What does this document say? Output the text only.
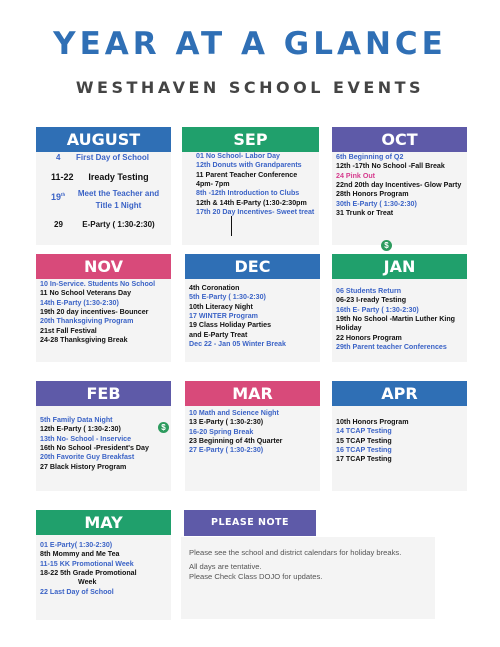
YEAR AT A GLANCE
WESTHAVEN SCHOOL EVENTS
AUGUST
4	First Day of School
11-22	Iready Testing
19th	Meet the Teacher and Title 1 Night
29	E-Party ( 1:30-2:30)
SEP
01 No School- Labor Day
12th Donuts with Grandparents
11 Parent Teacher Conference
4pm- 7pm
8th -12th Introduction to Clubs
12th & 14th E-Party (1:30-2:30pm
17th 20 Day Incentives- Sweet treat
OCT
6th Beginning of Q2
12th -17th No School -Fall Break
24 Pink Out
22nd 20th day Incentives- Glow Party
28th Honors Program
30th E-Party ( 1:30-2:30)
31 Trunk or Treat
$
NOV
10 In-Service. Students No School
11 No School Veterans Day
14th E-Party (1:30-2:30)
19th 20 day incentives- Bouncer
20th Thanksgiving Program
21st Fall Festival
24-28 Thanksgiving Break
DEC
4th Coronation
5th E-Party ( 1:30-2:30)
10th Literacy Night
17 WINTER Program
19 Class Holiday Parties
and E-Party Treat
Dec 22 - Jan 05 Winter Break
JAN
06 Students Return
06-23 I-ready Testing
16th E- Party ( 1:30-2:30)
19th No School -Martin Luther King Holiday
22 Honors Program
29th Parent teacher Conferences
FEB
5th Family Data Night
12th E-Party ( 1:30-2:30)
13th No- School - Inservice
16th No School -President's Day
20th Favorite Guy Breakfast
27 Black History Program
$
MAR
10 Math and Science Night
13 E-Party ( 1:30-2:30)
16-20 Spring Break
23 Beginning of 4th Quarter
27 E-Party ( 1:30-2:30)
APR
10th Honors Program
14 TCAP Testing
15 TCAP Testing
16 TCAP Testing
17 TCAP Testing
MAY
01 E-Party( 1:30-2:30)
8th Mommy and Me Tea
11-15 KK Promotional Week
18-22 5th Grade Promotional
Week
22 Last Day of School
PLEASE NOTE
Please see the school and district calendars for holiday breaks.
All days are tentative.
Please Check Class DOJO for updates.
